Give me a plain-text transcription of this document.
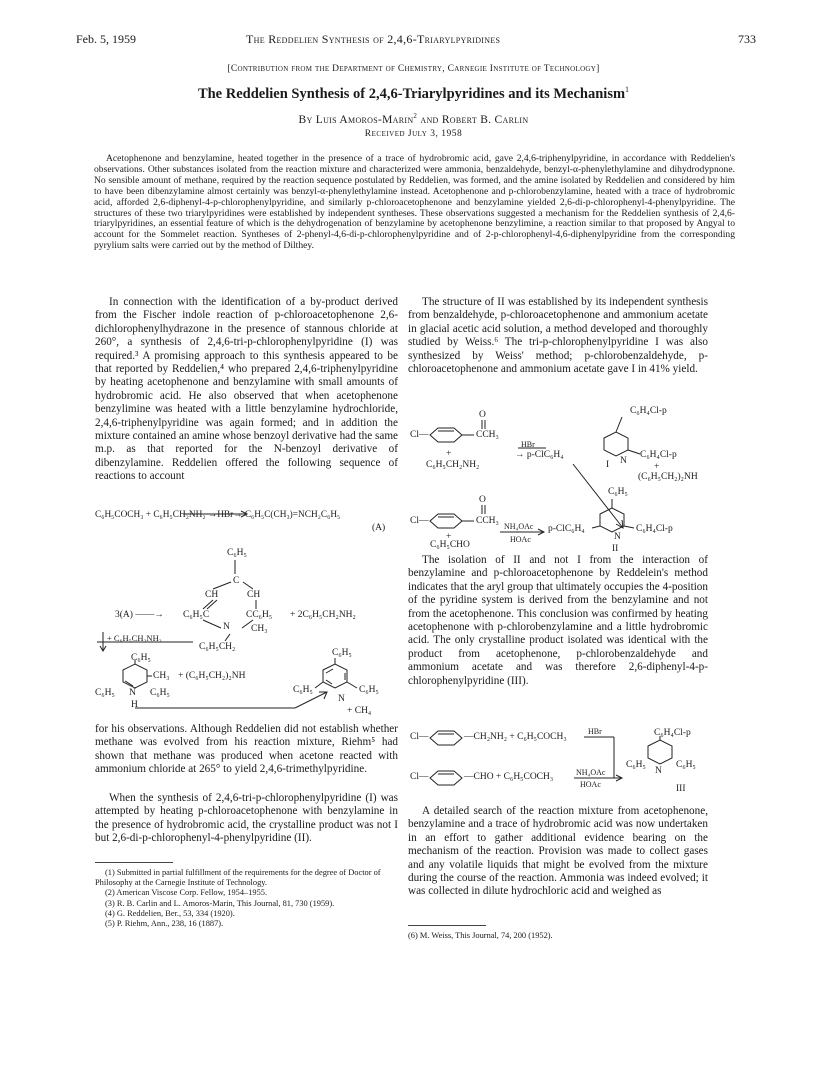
Feb. 5, 1959	The Reddelien Synthesis of 2,4,6-Triarylpyridines	733
[Contribution from the Department of Chemistry, Carnegie Institute of Technology]
The Reddelien Synthesis of 2,4,6-Triarylpyridines and its Mechanism$^1$
By Luis Amoros-Marin$^2$ and Robert B. Carlin
Received July 3, 1958

Acetophenone and benzylamine, heated together in the presence of a trace of hydrobromic acid, gave 2,4,6-triphenylpyridine, in accordance with Reddelien's observations. Other substances isolated from the reaction mixture and characterized were ammonia, benzaldehyde, benzyl-α-phenylethylamine and dihydrodypnone. No sensible amount of methane, required by the reaction sequence postulated by Reddelien, was formed, and the amine isolated by Reddelien and considered by him to have been dibenzylamine almost certainly was benzyl-α-phenylethylamine instead. Acetophenone and p-chlorobenzylamine, heated with a trace of hydrobromic acid, afforded 2,6-diphenyl-4-p-chlorophenylpyridine, and similarly p-chloroacetophenone and benzylamine yielded 2,6-di-p-chlorophenyl-4-phenylpyridine. The structures of these two triarylpyridines were established by independent syntheses. These observations suggested a mechanism for the Reddelien synthesis of 2,4,6-triarylpyridines, an essential feature of which is the dehydrogenation of benzylamine by acetophenone benzylimine, a reaction similar to that proposed by Angyal to account for the Sommelet reaction. Syntheses of 2-phenyl-4,6-di-p-chlorophenylpyridine and of 2-p-chlorophenyl-4,6-diphenylpyridine from the corresponding pyrylium salts were carried out by the method of Dilthey.

In connection with the identification of a by-product derived from the Fischer indole reaction of p-chloroacetophenone 2,6-dichlorophenylhydrazone in the presence of stannous chloride at 260°, a synthesis of 2,4,6-tri-p-chlorophenylpyridine (I) was required.³ A promising approach to this synthesis appeared to be that reported by Reddelien,⁴ who prepared 2,4,6-triphenylpyridine by heating acetophenone and benzylamine with small amounts of hydrobromic acid. He also observed that when acetophenone benzylimine was heated with a little benzylamine hydrochloride, 2,4,6-triphenylpyridine was again formed; and in addition the mixture contained an amine whose benzoyl derivative had the same m.p. as that reported for the N-benzoyl derivative of dibenzylamine. Reddelien offered the following sequence of reactions to account

C₆H₅COCH₃ + C₆H₅CH₂NH₂ →HBr→ C₆H₅C(CH₃)=NCH₂C₆H₅
(A)
C₆H₅
C
CH	CH
3(A) ——→ C₆H₅C
N
CC₆H₅
CH₃
+ 2C₆H₅CH₂NH₂
C₆H₅CH₂
+ C₆H₅CH₂NH₂
C₆H₅
CH₃ + (C₆H₅CH₂)₂NH
C₆H₅ N C₆H₅
H
C₆H₅
C₆H₅
N
C₆H₅
+ CH₄

for his observations. Although Reddelien did not establish whether methane was evolved from his reaction mixture, Riehm⁵ had shown that methane was produced when acetone reacted with ammonium chloride at 265° to yield 2,4,6-trimethylpyridine.

When the synthesis of 2,4,6-tri-p-chlorophenylpyridine (I) was attempted by heating p-chloroacetophenone with benzylamine in the presence of hydrobromic acid, the crystalline product was not I but 2,6-di-p-chlorophenyl-4-phenylpyridine (II).

(1) Submitted in partial fulfillment of the requirements for the degree of Doctor of Philosophy at the Carnegie Institute of Technology.

(2) American Viscose Corp. Fellow, 1954–1955.

(3) R. B. Carlin and L. Amoros-Marin, This Journal, 81, 730 (1959).

(4) G. Reddelien, Ber., 53, 334 (1920).

(5) P. Riehm, Ann., 238, 16 (1887).

The structure of II was established by its independent synthesis from benzaldehyde, p-chloroacetophenone and ammonium acetate in glacial acetic acid solution, a method developed and thoroughly studied by Weiss.⁶ The tri-p-chlorophenylpyridine I was also synthesized by Weiss' method; p-chlorobenzaldehyde, p-chloroacetophenone and ammonium acetate gave I in 41% yield.

Cl—
O
CCH₃
+
C₆H₅CH₂NH₂
HBr
→ p-ClC₆H₄
C₆H₄Cl-p
C₆H₄Cl-p
N
I	+
(C₆H₅CH₂)₂NH
Cl—
O
CCH₃
+
C₆H₅CHO
NH₄OAc
HOAc
p-ClC₆H₄
C₆H₅
C₆H₄Cl-p
N
II

The isolation of II and not I from the interaction of benzylamine and p-chloroacetophenone by Reddelein's method indicates that the aryl group that ultimately occupies the 4-position of the pyridine system is derived from the benzylamine and not from the acetophenone. This conclusion was confirmed by heating acetophenone with p-chlorobenzylamine and a little hydrobromic acid. The only crystalline product isolated was identical with the product from acetophenone, p-chlorobenzaldehyde and ammonium acetate and was therefore 2,6-diphenyl-4-p-chlorophenylpyridine (III).

Cl—	—CH₂NH₂ + C₆H₅COCH₃
HBr
Cl—	—CHO + C₆H₅COCH₃	NH₄OAc
HOAc
C₆H₄Cl-p
C₆H₅
N
C₆H₅
III

A detailed search of the reaction mixture from acetophenone, benzylamine and a trace of hydrobromic acid was now undertaken in an effort to gather additional evidence bearing on the mechanism of the reaction. Provision was made to collect gases and any volatile liquids that might be evolved from the mixture during the course of the reaction. Ammonia was indeed evolved; it was collected in dilute hydrochloric acid and weighed as

(6) M. Weiss, This Journal, 74, 200 (1952).
